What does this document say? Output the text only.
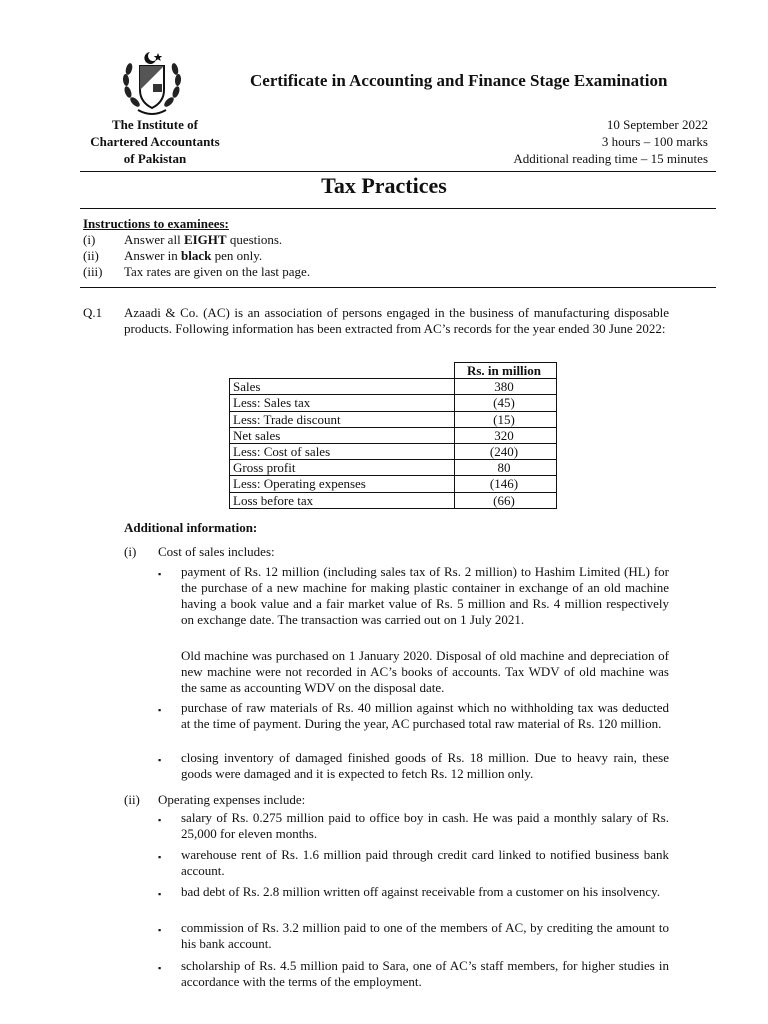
Certificate in Accounting and Finance Stage Examination
The Institute of
Chartered Accountants
of Pakistan
10 September 2022
3 hours – 100 marks
Additional reading time – 15 minutes
Tax Practices
Instructions to examinees:
(i) Answer all EIGHT questions.
(ii) Answer in black pen only.
(iii) Tax rates are given on the last page.
Q.1 Azaadi & Co. (AC) is an association of persons engaged in the business of manufacturing disposable products. Following information has been extracted from AC’s records for the year ended 30 June 2022:
	Rs. in million
Sales	380
Less: Sales tax	(45)
Less: Trade discount	(15)
Net sales	320
Less: Cost of sales	(240)
Gross profit	80
Less: Operating expenses	(146)
Loss before tax	(66)
Additional information:
(i) Cost of sales includes:
▪ payment of Rs. 12 million (including sales tax of Rs. 2 million) to Hashim Limited (HL) for the purchase of a new machine for making plastic container in exchange of an old machine having a book value and a fair market value of Rs. 5 million and Rs. 4 million respectively on exchange date. The transaction was carried out on 1 July 2021.
Old machine was purchased on 1 January 2020. Disposal of old machine and depreciation of new machine were not recorded in AC’s books of accounts. Tax WDV of old machine was the same as accounting WDV on the disposal date.
▪ purchase of raw materials of Rs. 40 million against which no withholding tax was deducted at the time of payment. During the year, AC purchased total raw material of Rs. 120 million.
▪ closing inventory of damaged finished goods of Rs. 18 million. Due to heavy rain, these goods were damaged and it is expected to fetch Rs. 12 million only.
(ii) Operating expenses include:
▪ salary of Rs. 0.275 million paid to office boy in cash. He was paid a monthly salary of Rs. 25,000 for eleven months.
▪ warehouse rent of Rs. 1.6 million paid through credit card linked to notified business bank account.
▪ bad debt of Rs. 2.8 million written off against receivable from a customer on his insolvency.
▪ commission of Rs. 3.2 million paid to one of the members of AC, by crediting the amount to his bank account.
▪ scholarship of Rs. 4.5 million paid to Sara, one of AC’s staff members, for higher studies in accordance with the terms of the employment.
